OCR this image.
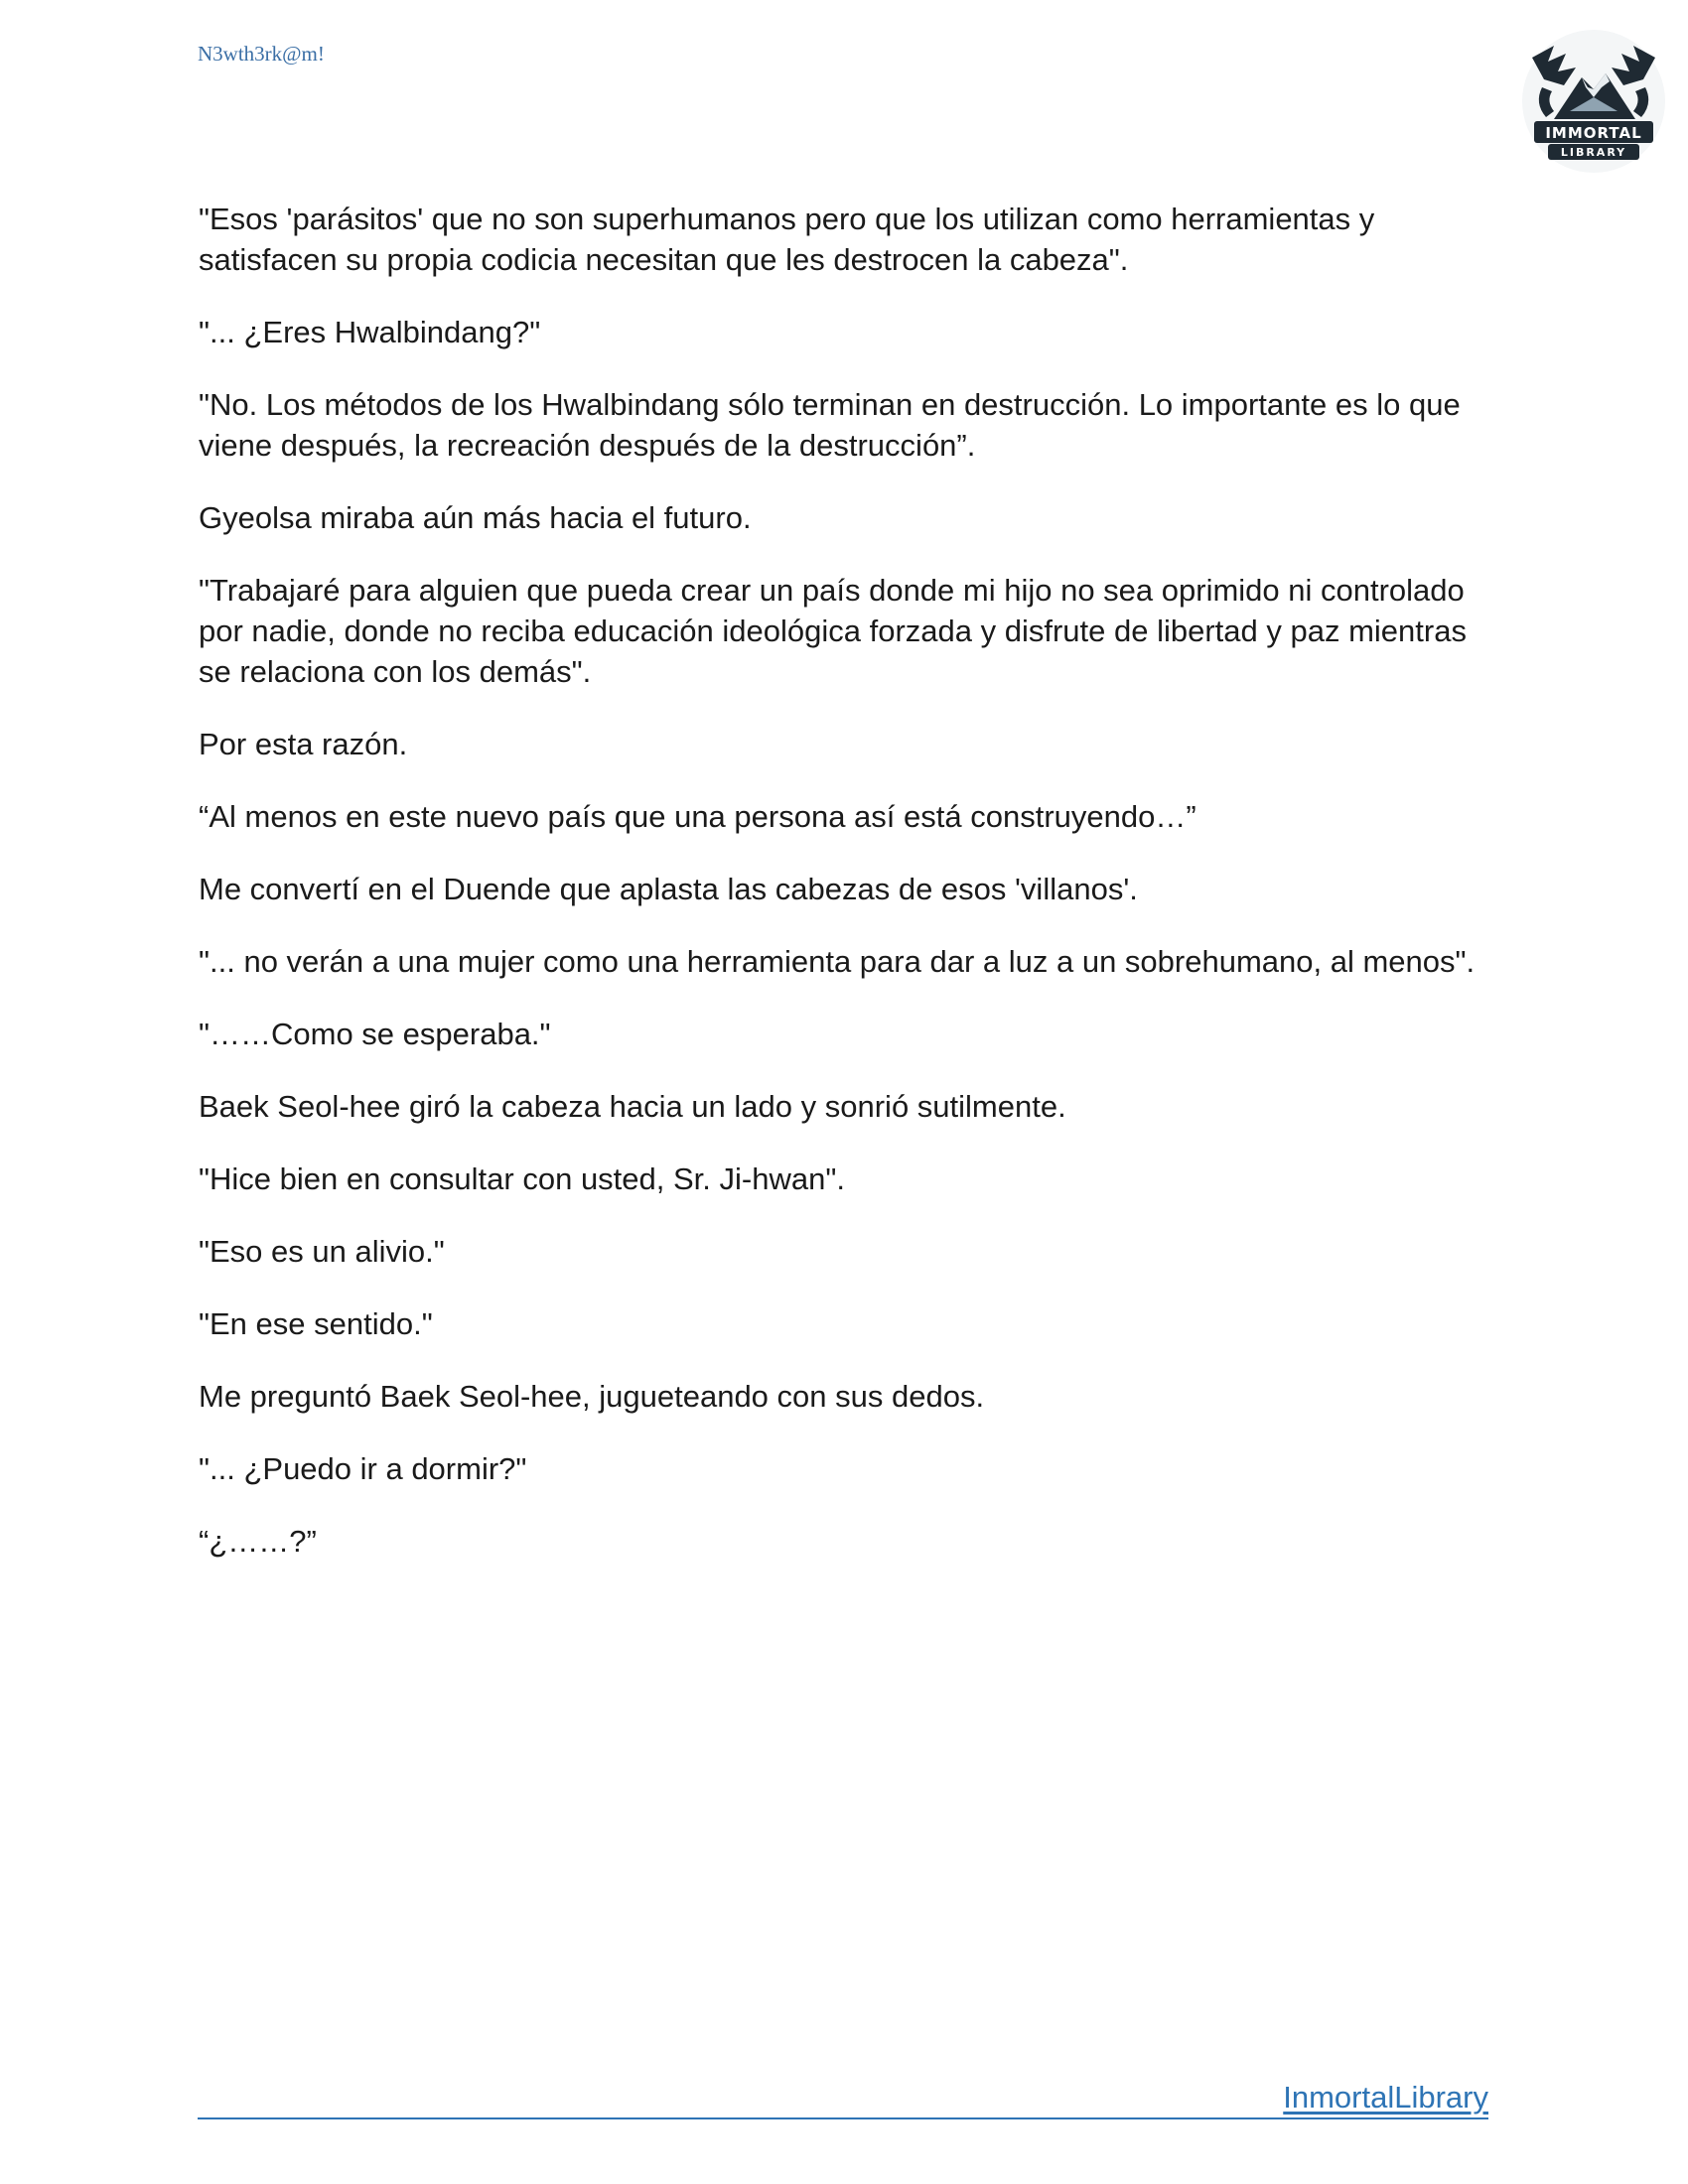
N3wth3rk@m!
IMMORTAL
LIBRARY

"Esos 'parásitos' que no son superhumanos pero que los utilizan como herramientas y satisfacen su propia codicia necesitan que les destrocen la cabeza".

"... ¿Eres Hwalbindang?"

"No. Los métodos de los Hwalbindang sólo terminan en destrucción. Lo importante es lo que viene después, la recreación después de la destrucción”.

Gyeolsa miraba aún más hacia el futuro.

"Trabajaré para alguien que pueda crear un país donde mi hijo no sea oprimido ni controlado por nadie, donde no reciba educación ideológica forzada y disfrute de libertad y paz mientras se relaciona con los demás".

Por esta razón.

“Al menos en este nuevo país que una persona así está construyendo…”

Me convertí en el Duende que aplasta las cabezas de esos 'villanos'.

"... no verán a una mujer como una herramienta para dar a luz a un sobrehumano, al menos".

"……Como se esperaba."

Baek Seol-hee giró la cabeza hacia un lado y sonrió sutilmente.

"Hice bien en consultar con usted, Sr. Ji-hwan".

"Eso es un alivio."

"En ese sentido."

Me preguntó Baek Seol-hee, jugueteando con sus dedos.

"... ¿Puedo ir a dormir?"

“¿……?”

InmortalLibrary
